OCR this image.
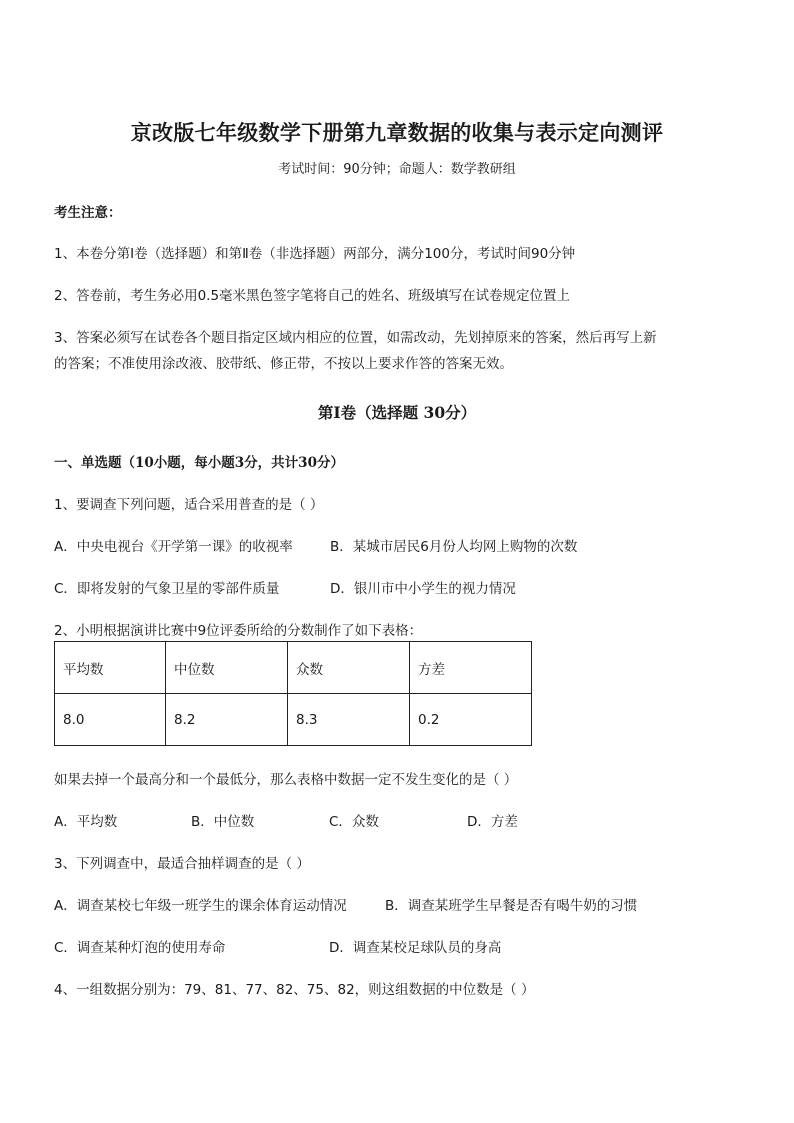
京改版七年级数学下册第九章数据的收集与表示定向测评
考试时间：90分钟；命题人：数学教研组
考生注意：
1、本卷分第Ⅰ卷（选择题）和第Ⅱ卷（非选择题）两部分，满分100分，考试时间90分钟
2、答卷前，考生务必用0.5毫米黑色签字笔将自己的姓名、班级填写在试卷规定位置上
3、答案必须写在试卷各个题目指定区域内相应的位置，如需改动，先划掉原来的答案，然后再写上新
的答案；不准使用涂改液、胶带纸、修正带，不按以上要求作答的答案无效。
第Ⅰ卷（选择题 30分）
一、单选题（10小题，每小题3分，共计30分）
1、要调查下列问题，适合采用普查的是（ ）
A．中央电视台《开学第一课》的收视率	B．某城市居民6月份人均网上购物的次数
C．即将发射的气象卫星的零部件质量	D．银川市中小学生的视力情况
2、小明根据演讲比赛中9位评委所给的分数制作了如下表格：
平均数	中位数	众数	方差
8.0	8.2	8.3	0.2
如果去掉一个最高分和一个最低分，那么表格中数据一定不发生变化的是（ ）
A．平均数	B．中位数	C．众数	D．方差
3、下列调查中，最适合抽样调查的是（ ）
A．调查某校七年级一班学生的课余体育运动情况	B．调查某班学生早餐是否有喝牛奶的习惯
C．调查某种灯泡的使用寿命	D．调查某校足球队员的身高
4、一组数据分别为：79、81、77、82、75、82，则这组数据的中位数是（ ）
